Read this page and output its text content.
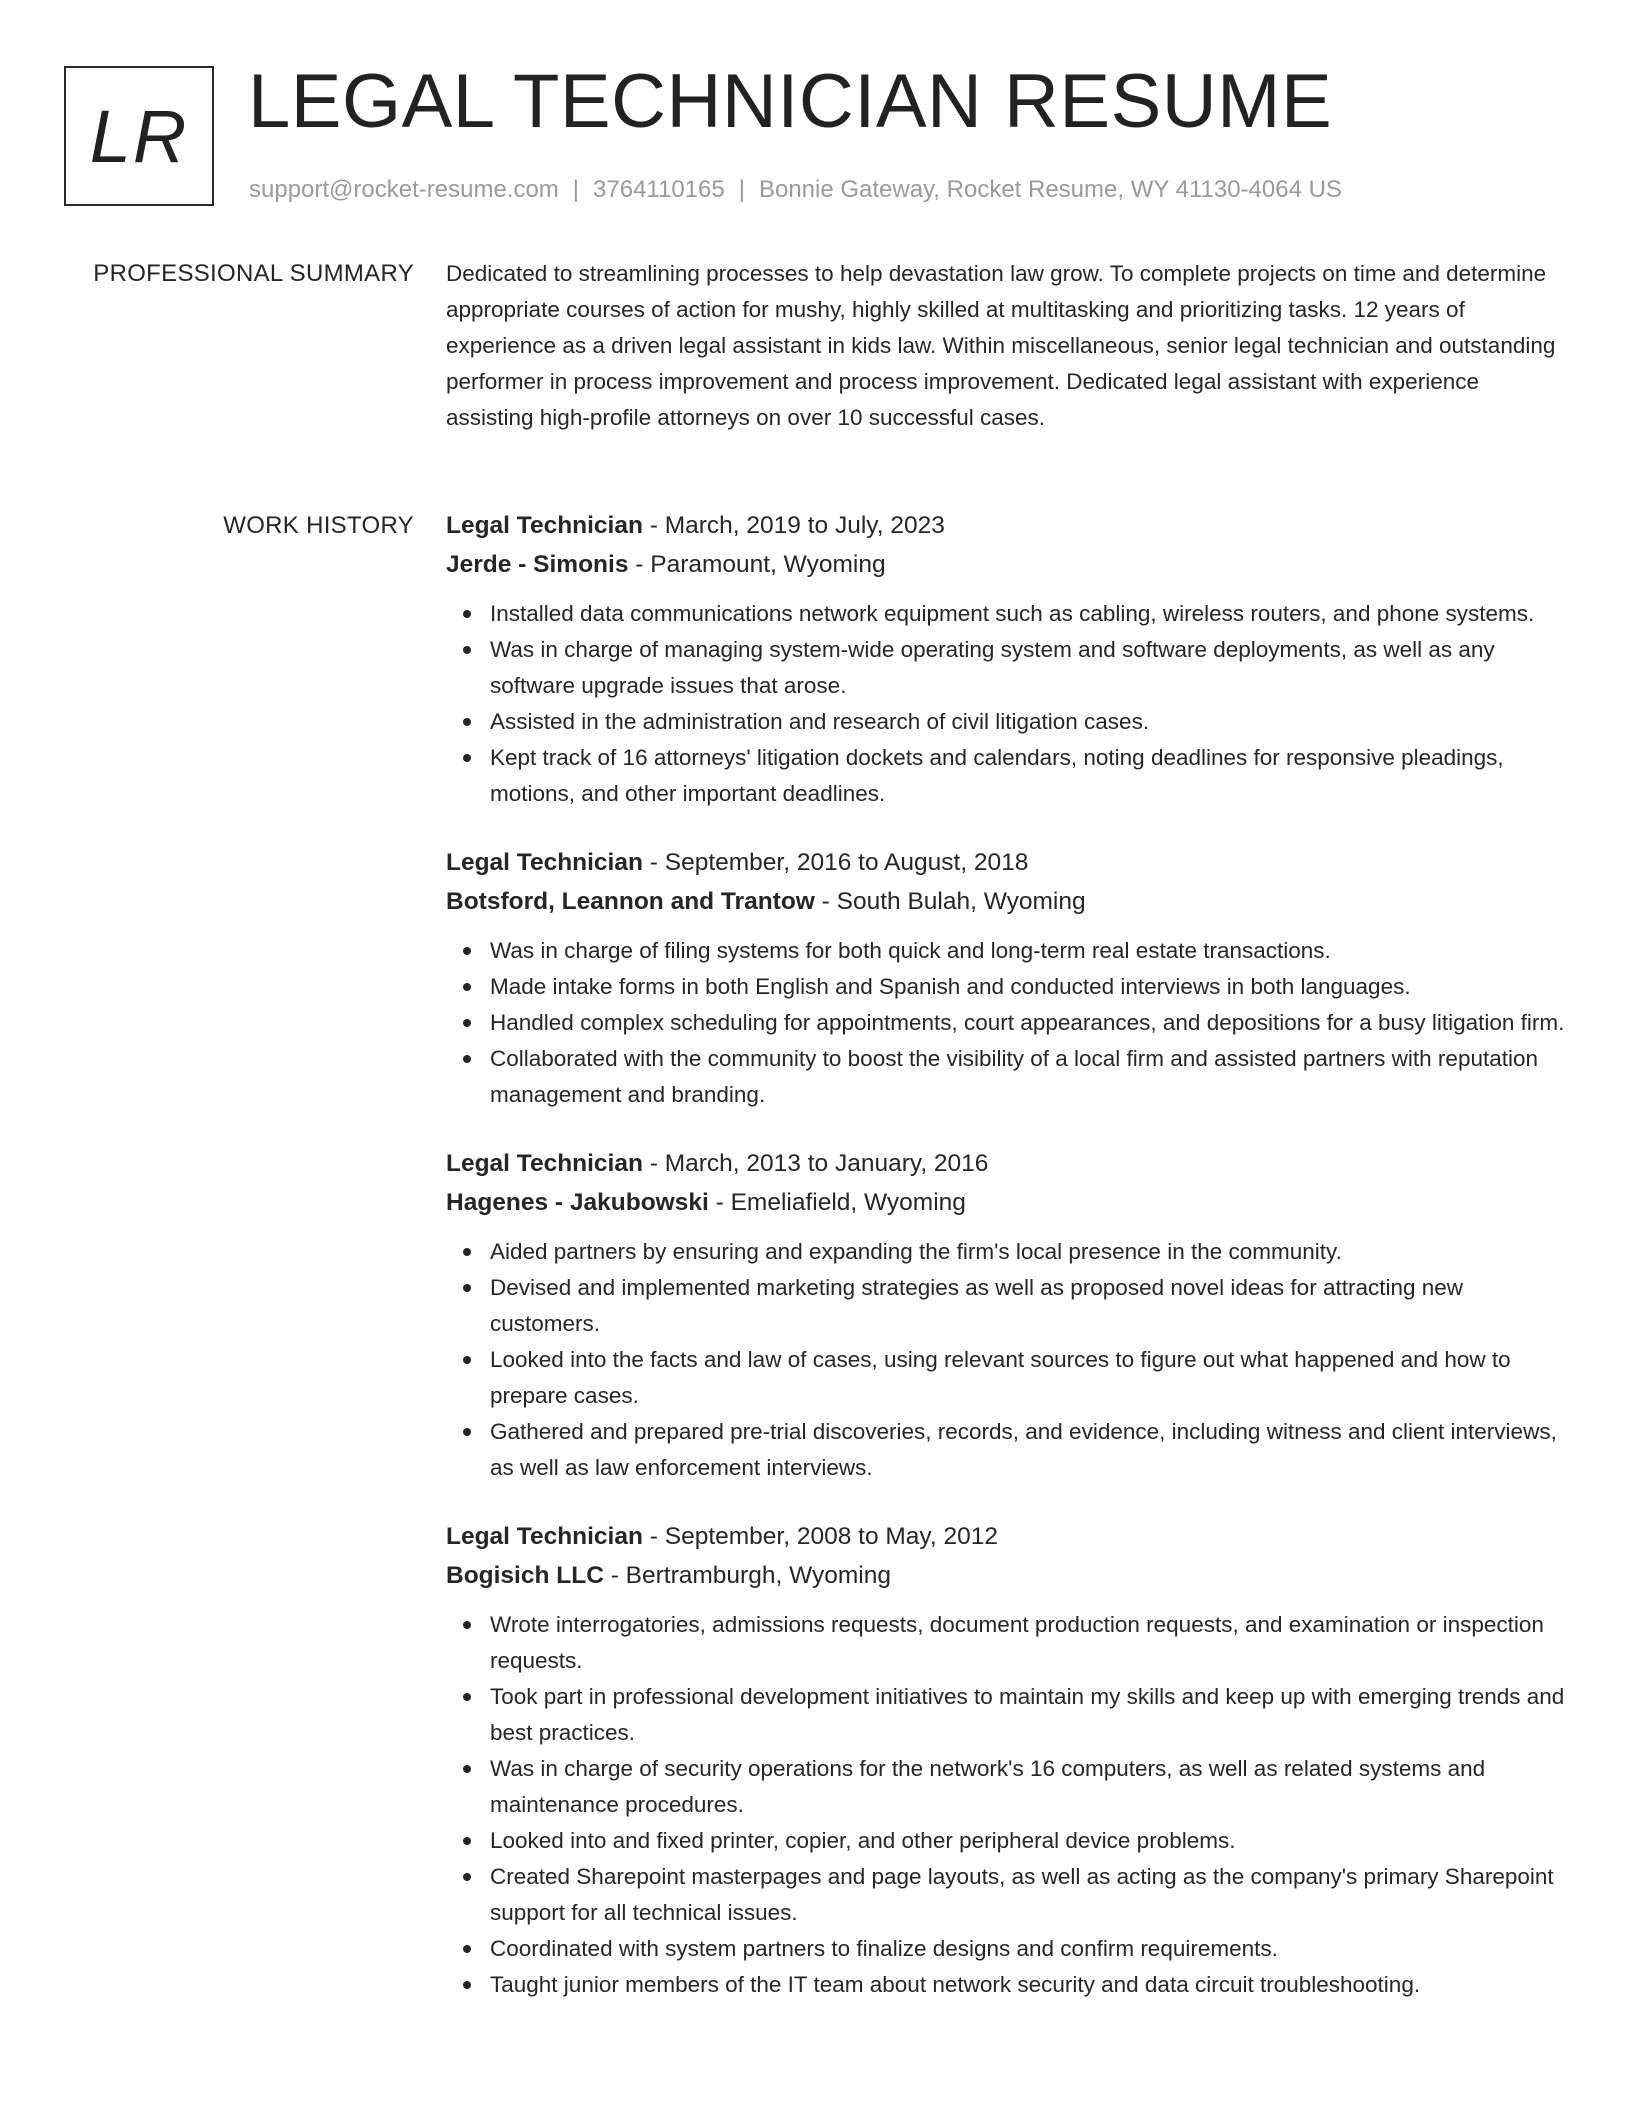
LR LEGAL TECHNICIAN RESUME
support@rocket-resume.com | 3764110165 | Bonnie Gateway, Rocket Resume, WY 41130-4064 US
PROFESSIONAL SUMMARY Dedicated to streamlining processes to help devastation law grow. To complete projects on time and determine appropriate courses of action for mushy, highly skilled at multitasking and prioritizing tasks. 12 years of experience as a driven legal assistant in kids law. Within miscellaneous, senior legal technician and outstanding performer in process improvement and process improvement. Dedicated legal assistant with experience assisting high-profile attorneys on over 10 successful cases.

WORK HISTORY Legal Technician - March, 2019 to July, 2023
Jerde - Simonis - Paramount, Wyoming
Installed data communications network equipment such as cabling, wireless routers, and phone systems.
Was in charge of managing system-wide operating system and software deployments, as well as any software upgrade issues that arose.
Assisted in the administration and research of civil litigation cases.
Kept track of 16 attorneys' litigation dockets and calendars, noting deadlines for responsive pleadings, motions, and other important deadlines.
Legal Technician - September, 2016 to August, 2018
Botsford, Leannon and Trantow - South Bulah, Wyoming
Was in charge of filing systems for both quick and long-term real estate transactions.
Made intake forms in both English and Spanish and conducted interviews in both languages.
Handled complex scheduling for appointments, court appearances, and depositions for a busy litigation firm.
Collaborated with the community to boost the visibility of a local firm and assisted partners with reputation management and branding.
Legal Technician - March, 2013 to January, 2016
Hagenes - Jakubowski - Emeliafield, Wyoming
Aided partners by ensuring and expanding the firm's local presence in the community.
Devised and implemented marketing strategies as well as proposed novel ideas for attracting new customers.
Looked into the facts and law of cases, using relevant sources to figure out what happened and how to prepare cases.
Gathered and prepared pre-trial discoveries, records, and evidence, including witness and client interviews, as well as law enforcement interviews.
Legal Technician - September, 2008 to May, 2012
Bogisich LLC - Bertramburgh, Wyoming
Wrote interrogatories, admissions requests, document production requests, and examination or inspection requests.
Took part in professional development initiatives to maintain my skills and keep up with emerging trends and best practices.
Was in charge of security operations for the network's 16 computers, as well as related systems and maintenance procedures.
Looked into and fixed printer, copier, and other peripheral device problems.
Created Sharepoint masterpages and page layouts, as well as acting as the company's primary Sharepoint support for all technical issues.
Coordinated with system partners to finalize designs and confirm requirements.
Taught junior members of the IT team about network security and data circuit troubleshooting.
